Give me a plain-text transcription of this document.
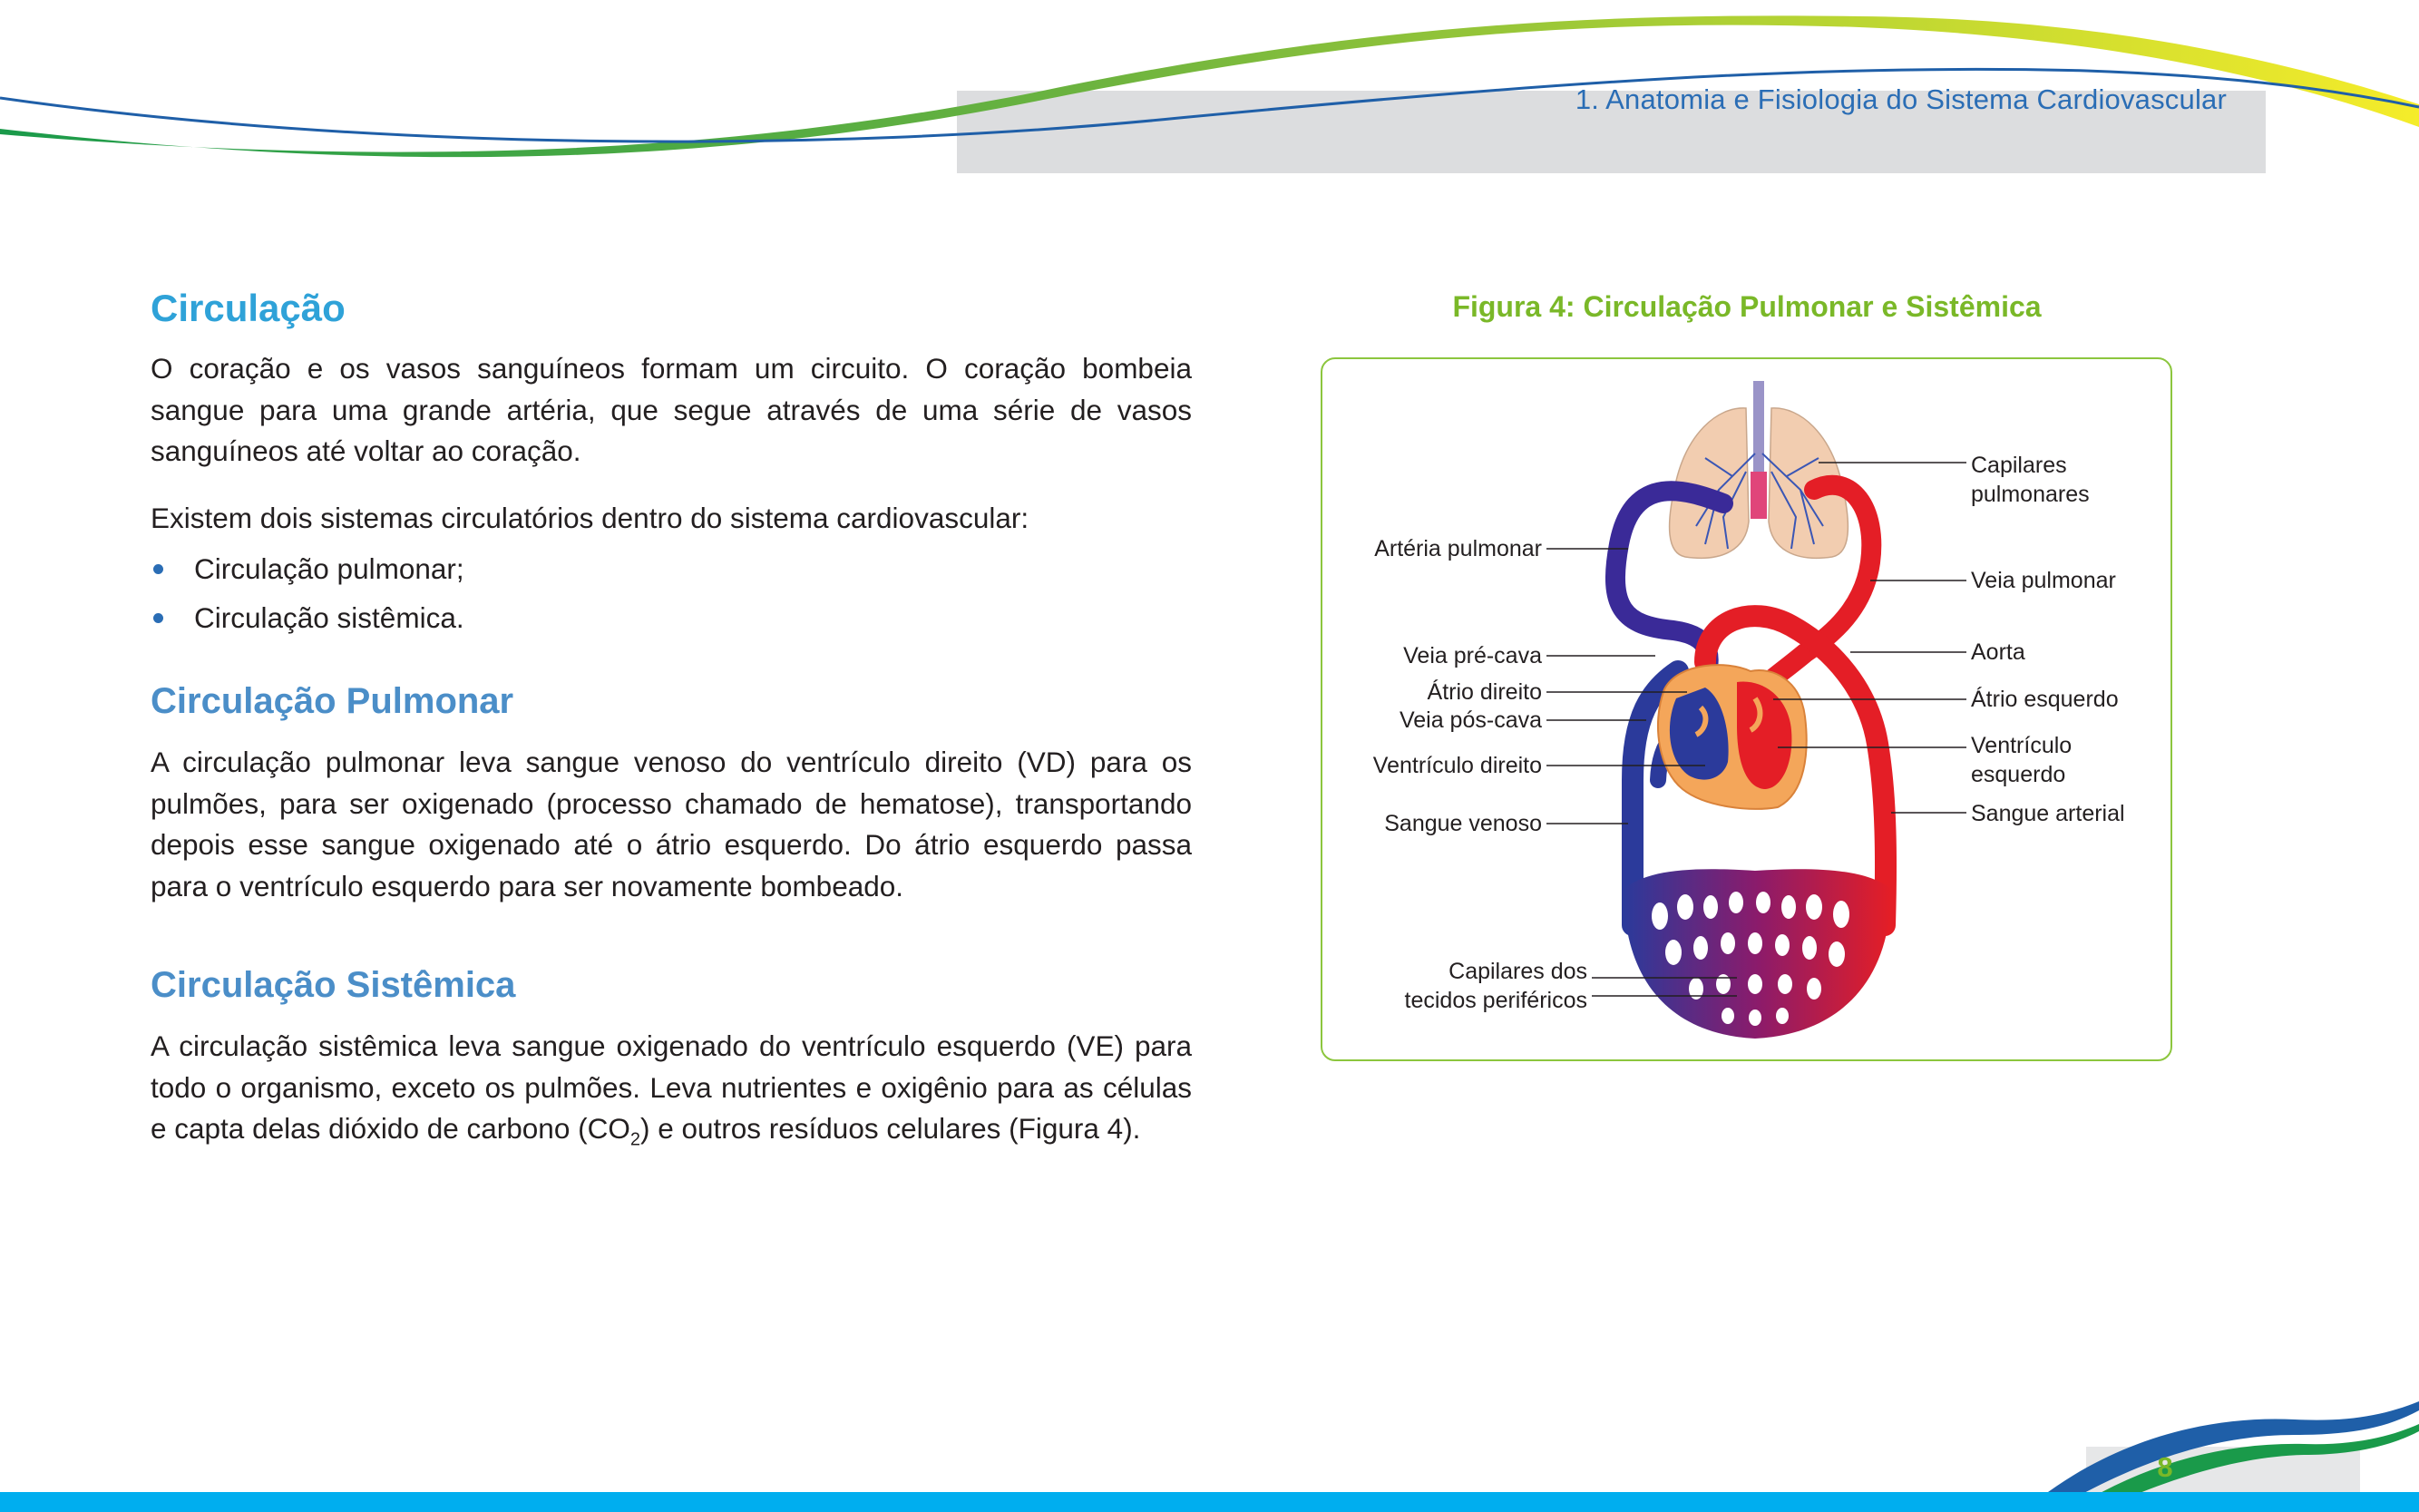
1. Anatomia e Fisiologia do Sistema Cardiovascular
Circulação

O coração e os vasos sanguíneos formam um circuito. O coração bombeia sangue para uma grande artéria, que segue através de uma série de vasos sanguíneos até voltar ao coração.

Existem dois sistemas circulatórios dentro do sistema cardiovascular:

Circulação pulmonar;
Circulação sistêmica.
Circulação Pulmonar

A circulação pulmonar leva sangue venoso do ventrículo direito (VD) para os pulmões, para ser oxigenado (processo chamado de hematose), transportando depois esse sangue oxigenado até o átrio esquerdo. Do átrio esquerdo passa para o ventrículo esquerdo para ser novamente bombeado.

Circulação Sistêmica

A circulação sistêmica leva sangue oxigenado do ventrículo esquerdo (VE) para todo o organismo, exceto os pulmões. Leva nutrientes e oxigênio para as células e capta delas dióxido de carbono $(CO_2)$ e outros resíduos celulares (Figura 4).

Figura 4: Circulação Pulmonar e Sistêmica
Artéria pulmonar
Veia pré-cava
Átrio direito
Veia pós-cava
Ventrículo direito
Sangue venoso
Capilares dos
tecidos periféricos
Capilares
pulmonares
Veia pulmonar
Aorta
Átrio esquerdo
Ventrículo
esquerdo
Sangue arterial
8
